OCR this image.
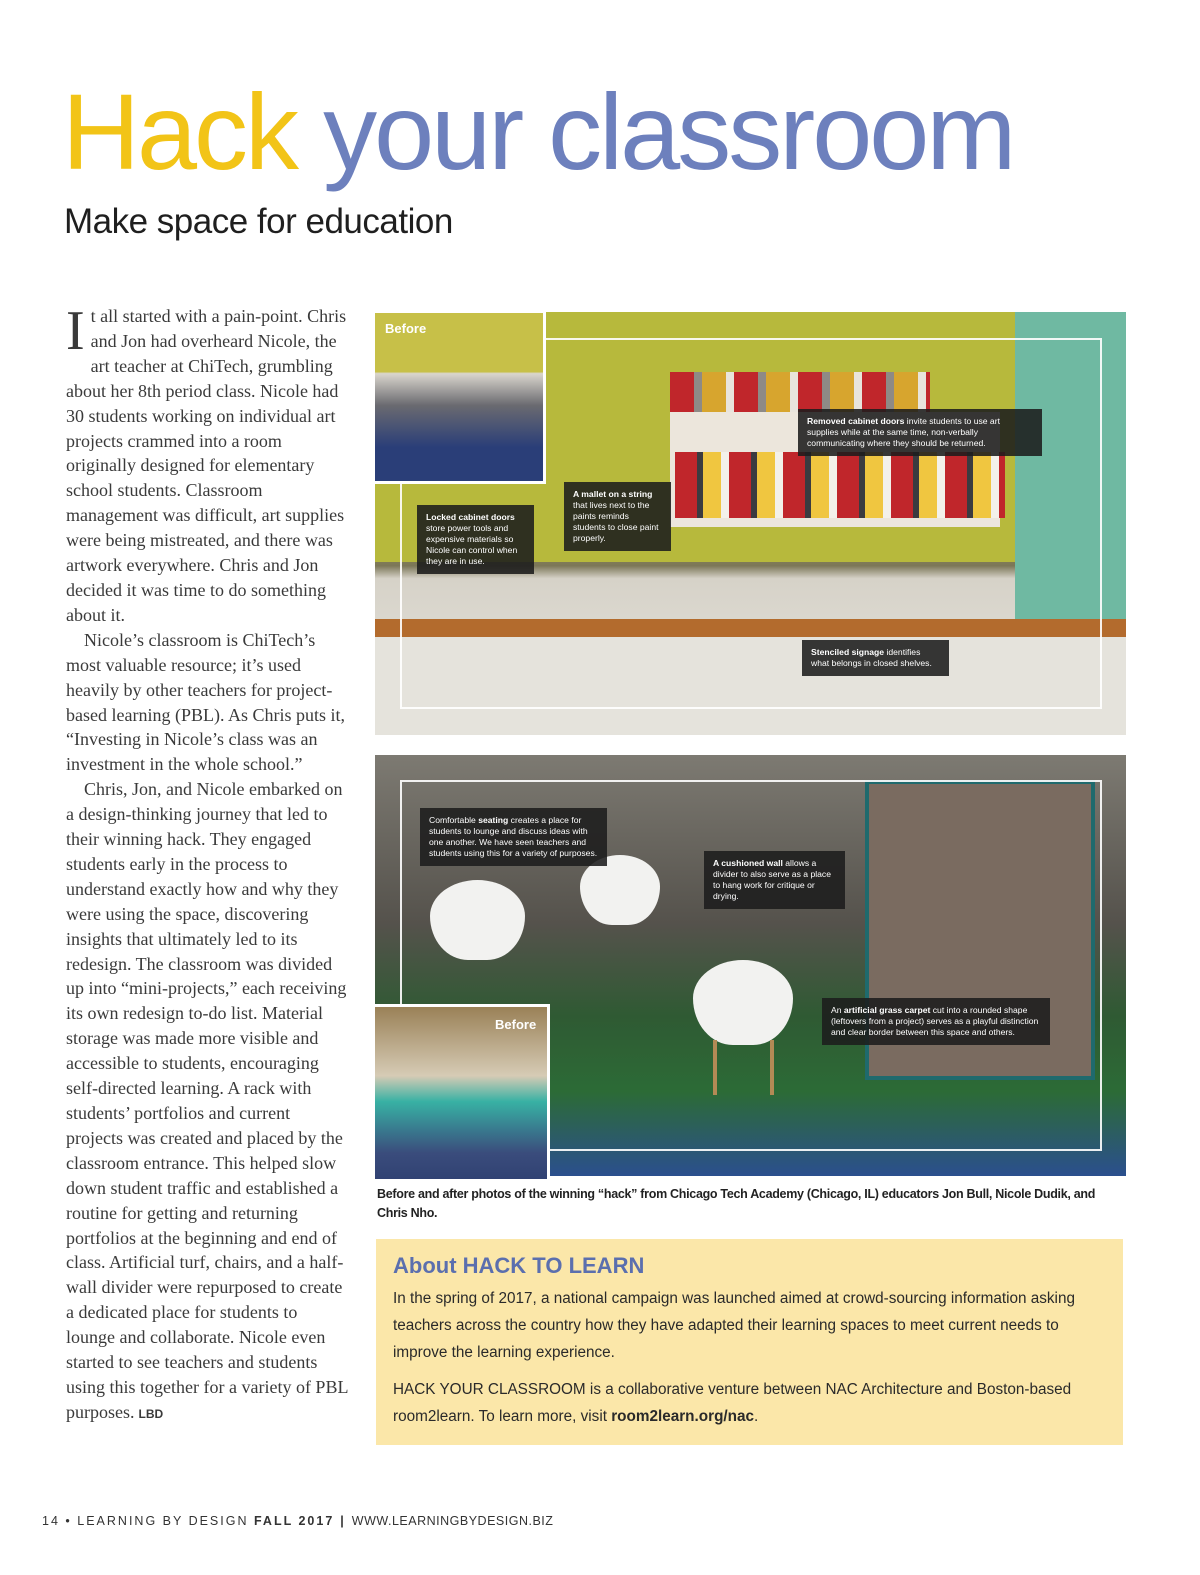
Hack your classroom
Make space for education

It all started with a pain-point. Chris and Jon had overheard Nicole, the art teacher at ChiTech, grumbling about her 8th period class. Nicole had 30 students working on individual art projects crammed into a room originally designed for elementary school students. Classroom management was difficult, art supplies were being mistreated, and there was artwork everywhere. Chris and Jon decided it was time to do something about it.

Nicole’s classroom is ChiTech’s most valuable resource; it’s used heavily by other teachers for project-based learning (PBL). As Chris puts it, “Investing in Nicole’s class was an investment in the whole school.”

Chris, Jon, and Nicole embarked on a design-thinking journey that led to their winning hack. They engaged students early in the process to understand exactly how and why they were using the space, discovering insights that ultimately led to its redesign. The classroom was divided up into “mini-projects,” each receiving its own redesign to-do list. Material storage was made more visible and accessible to students, encouraging self-directed learning. A rack with students’ portfolios and current projects was created and placed by the classroom entrance. This helped slow down student traffic and established a routine for getting and returning portfolios at the beginning and end of class. Artificial turf, chairs, and a half-wall divider were repurposed to create a dedicated place for students to lounge and collaborate. Nicole even started to see teachers and students using this together for a variety of PBL purposes. LBD

Locked cabinet doors store power tools and expensive materials so Nicole can control when they are in use.
A mallet on a string that lives next to the paints reminds students to close paint properly.
Removed cabinet doors invite students to use art supplies while at the same time, non-verbally communicating where they should be returned.
Stenciled signage identifies what belongs in closed shelves.
Before
Comfortable seating creates a place for students to lounge and discuss ideas with one another. We have seen teachers and students using this for a variety of purposes.
A cushioned wall allows a divider to also serve as a place to hang work for critique or drying.
An artificial grass carpet cut into a rounded shape (leftovers from a project) serves as a playful distinction and clear border between this space and others.
Before
Before and after photos of the winning “hack” from Chicago Tech Academy (Chicago, IL) educators Jon Bull, Nicole Dudik, and Chris Nho.
About HACK TO LEARN

In the spring of 2017, a national campaign was launched aimed at crowd-sourcing information asking teachers across the country how they have adapted their learning spaces to meet current needs to improve the learning experience.

HACK YOUR CLASSROOM is a collaborative venture between NAC Architecture and Boston-based room2learn. To learn more, visit room2learn.org/nac.

14 • LEARNING BY DESIGN FALL 2017 | WWW.LEARNINGBYDESIGN.BIZ
